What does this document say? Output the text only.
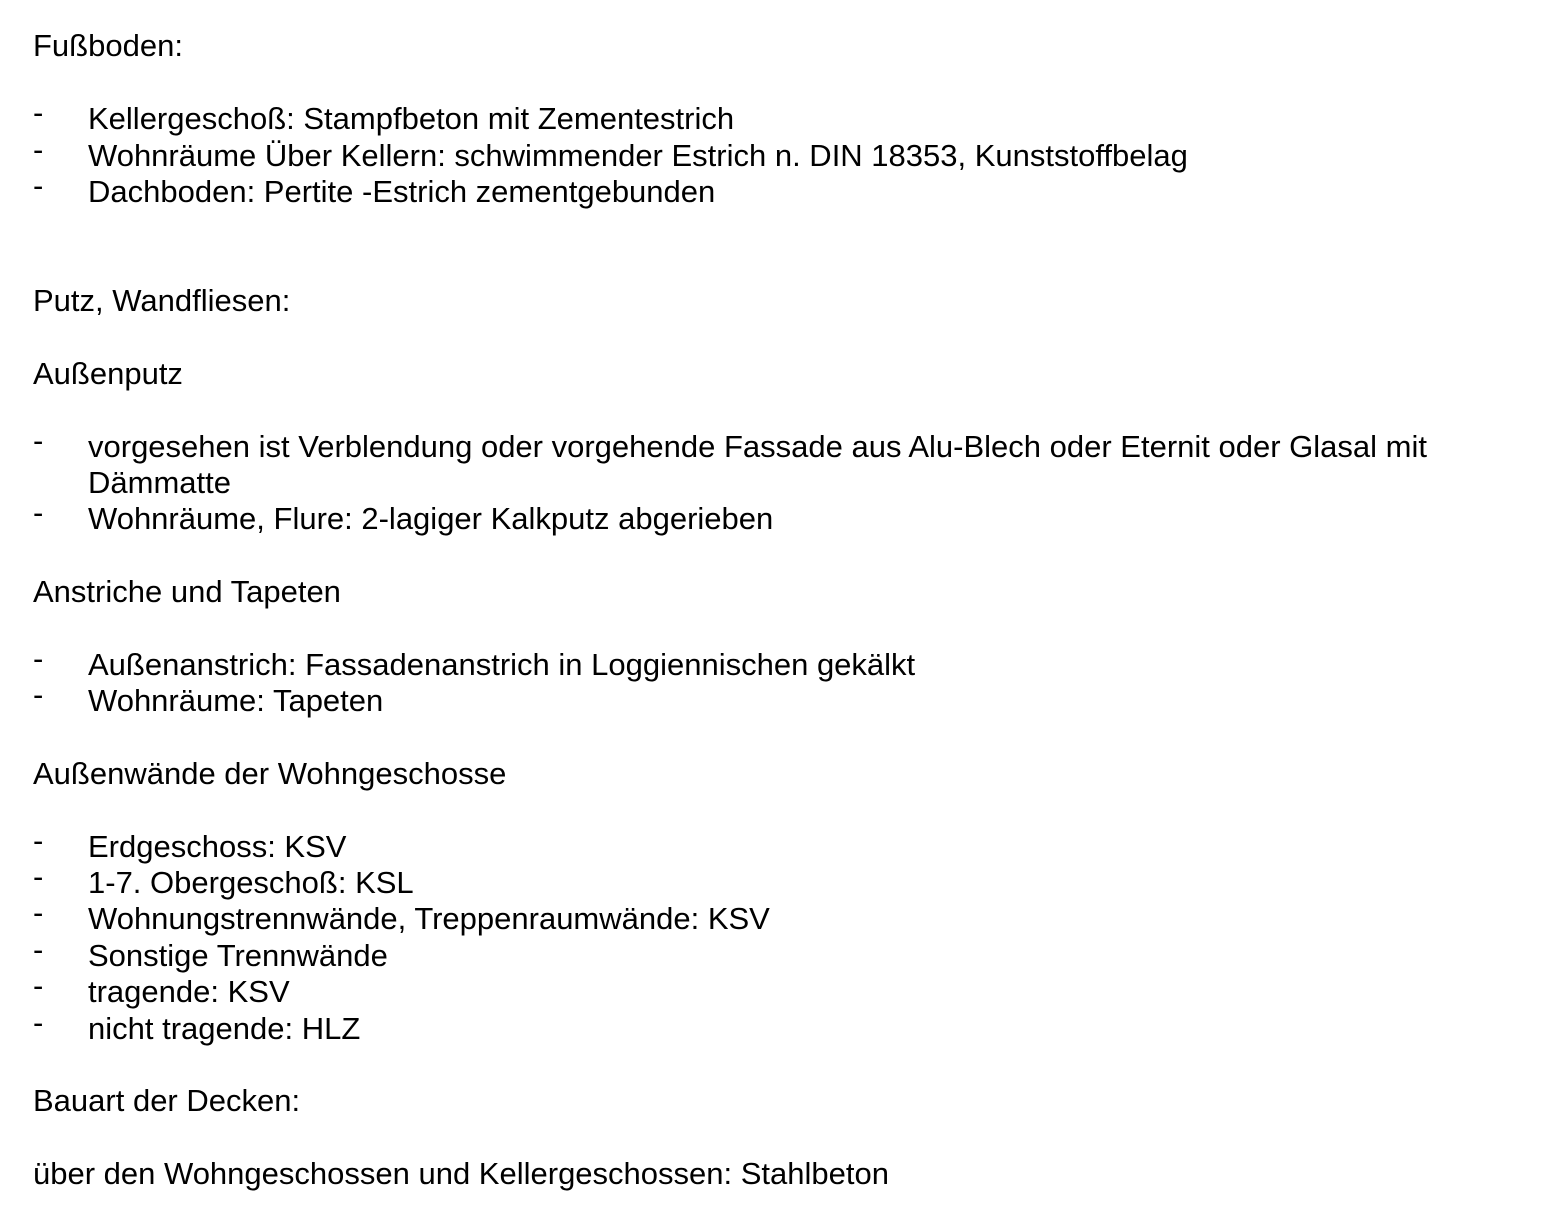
Fußboden:
- Kellergeschoß: Stampfbeton mit Zementestrich
- Wohnräume Über Kellern: schwimmender Estrich n. DIN 18353, Kunststoffbelag
- Dachboden: Pertite -Estrich zementgebunden
Putz, Wandfliesen:
Außenputz
- vorgesehen ist Verblendung oder vorgehende Fassade aus Alu-Blech oder Eternit oder Glasal mit Dämmatte
- Wohnräume, Flure: 2-lagiger Kalkputz abgerieben
Anstriche und Tapeten
- Außenanstrich: Fassadenanstrich in Loggiennischen gekälkt
- Wohnräume: Tapeten
Außenwände der Wohngeschosse
- Erdgeschoss: KSV
- 1-7. Obergeschoß: KSL
- Wohnungstrennwände, Treppenraumwände: KSV
- Sonstige Trennwände
- tragende: KSV
- nicht tragende: HLZ
Bauart der Decken:
über den Wohngeschossen und Kellergeschossen: Stahlbeton
